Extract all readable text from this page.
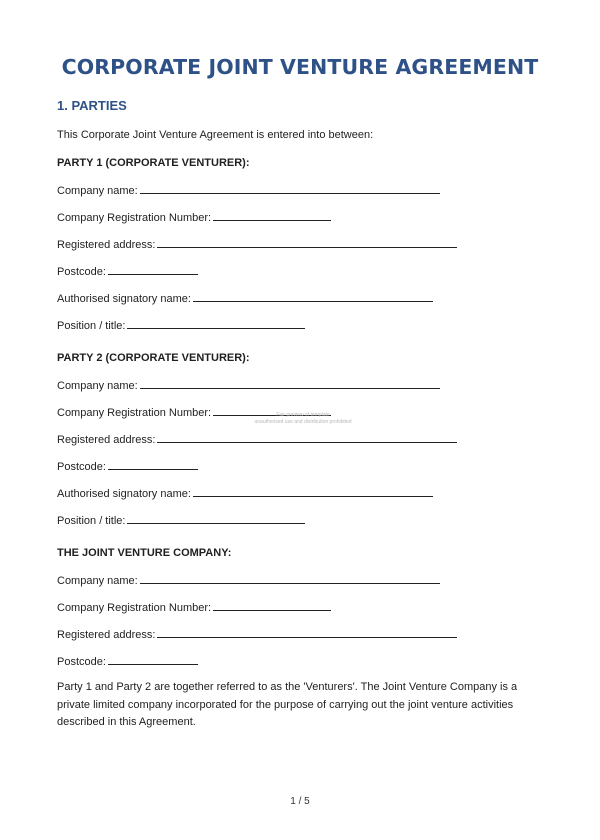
CORPORATE JOINT VENTURE AGREEMENT
1. PARTIES
This Corporate Joint Venture Agreement is entered into between:
PARTY 1 (CORPORATE VENTURER):
Company name:
Company Registration Number:
Registered address:
Postcode:
Authorised signatory name:
Position / title:
PARTY 2 (CORPORATE VENTURER):
Company name:
Company Registration Number:
Registered address:
Postcode:
Authorised signatory name:
Position / title:
THE JOINT VENTURE COMPANY:
Company name:
Company Registration Number:
Registered address:
Postcode:
Party 1 and Party 2 are together referred to as the 'Venturers'. The Joint Venture Company is a private limited company incorporated for the purpose of carrying out the joint venture activities described in this Agreement.
Fair preview of template
unauthorised use and distribution prohibited
1 / 5
